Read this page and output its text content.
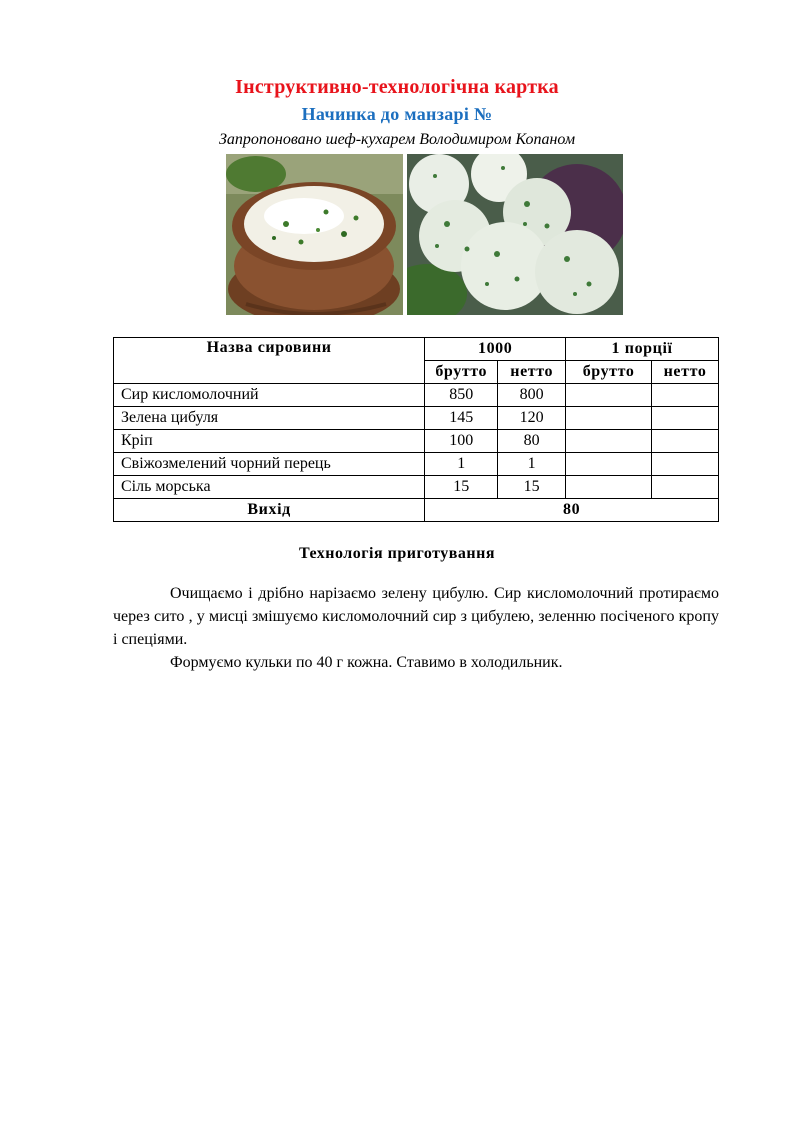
Інструктивно-технологічна картка
Начинка до манзарі №
Запропоновано шеф-кухарем Володимиром Копаном
Назва сировини	1000		1 порції	
	брутто	нетто	брутто	нетто
Сир кисломолочний	850	800		
Зелена цибуля	145	120		
Кріп	100	80		
Свіжозмелений чорний перець	1	1		
Сіль морська	15	15		
Вихід	80			
Технологія приготування

Очищаємо і дрібно нарізаємо зелену цибулю. Сир кисломолочний протираємо через сито , у мисці змішуємо кисломолочний сир з цибулею, зеленню посіченого кропу і спеціями.

Формуємо кульки по 40 г кожна. Ставимо в холодильник.
